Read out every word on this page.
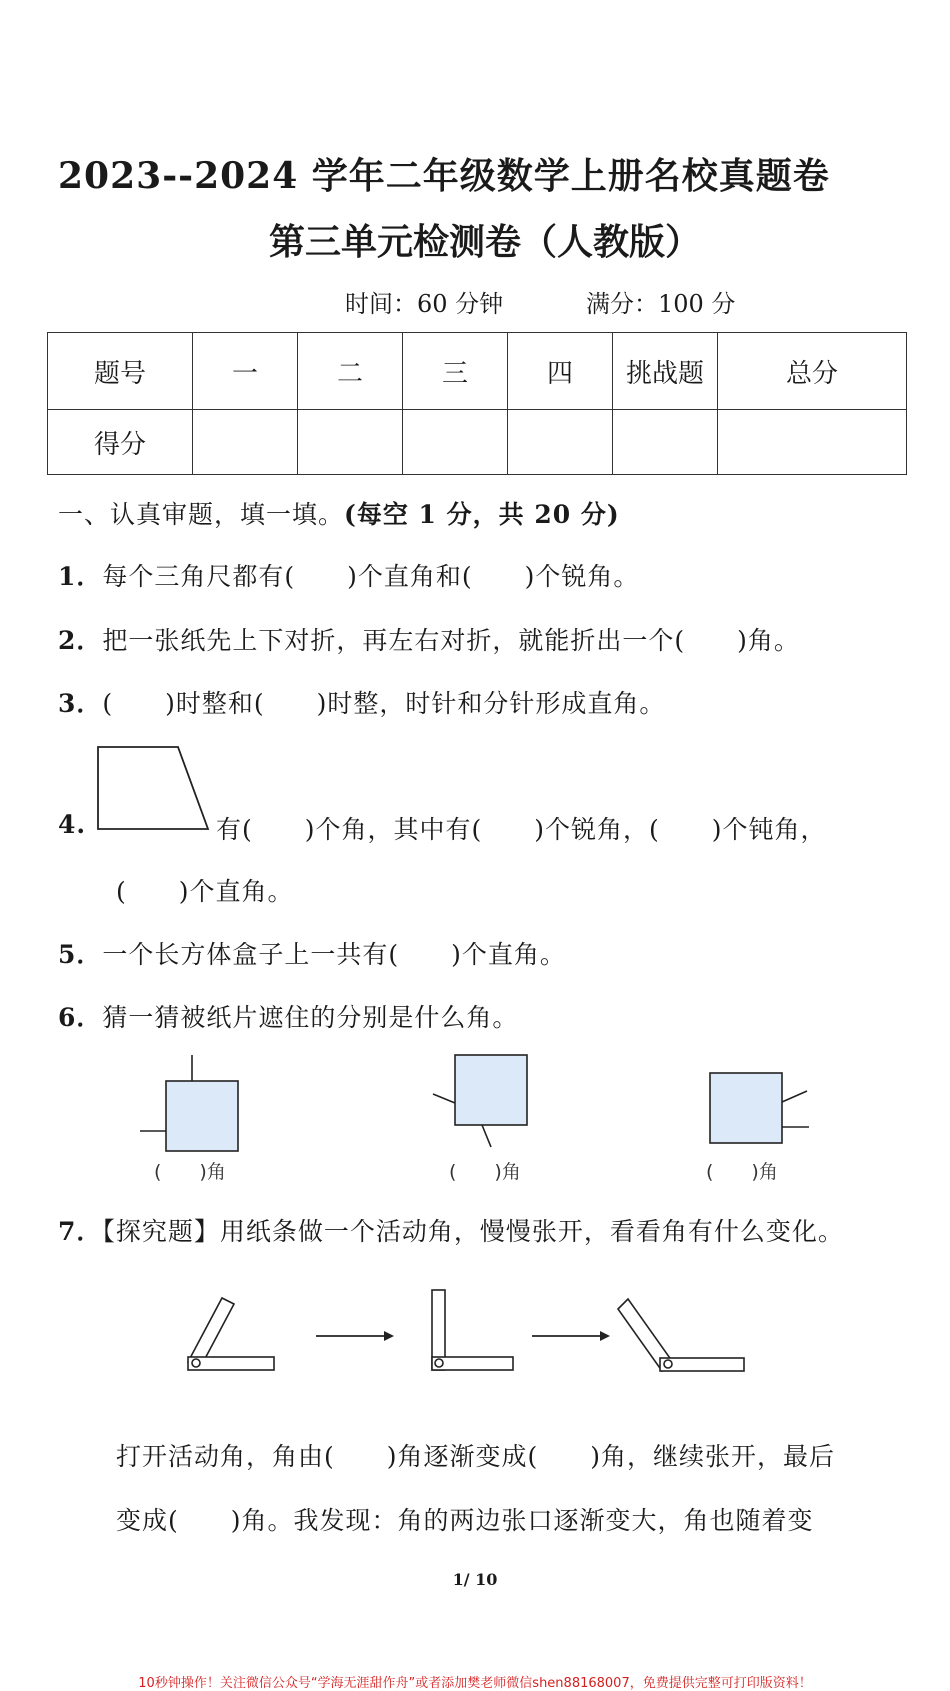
2023--2024 学年二年级数学上册名校真题卷
第三单元检测卷（人教版）
时间：60 分钟	满分：100 分
题号	一	二	三	四	挑战题	总分
得分						
一、认真审题，填一填。(每空 1 分，共 20 分)
1．每个三角尺都有(　　)个直角和(　　)个锐角。
2．把一张纸先上下对折，再左右对折，就能折出一个(　　)角。
3．(　　)时整和(　　)时整，时针和分针形成直角。
4.	有(　　)个角，其中有(　　)个锐角，(　　)个钝角，
(　　)个直角。
5．一个长方体盒子上一共有(　　)个直角。
6．猜一猜被纸片遮住的分别是什么角。
(　　)角	(　　)角	(　　)角
7．【探究题】用纸条做一个活动角，慢慢张开，看看角有什么变化。
打开活动角，角由(　　)角逐渐变成(　　)角，继续张开，最后
变成(　　)角。我发现：角的两边张口逐渐变大，角也随着变
1/ 10
10秒钟操作！关注微信公众号“学海无涯甜作舟”或者添加樊老师微信shen88168007，免费提供完整可打印版资料！
